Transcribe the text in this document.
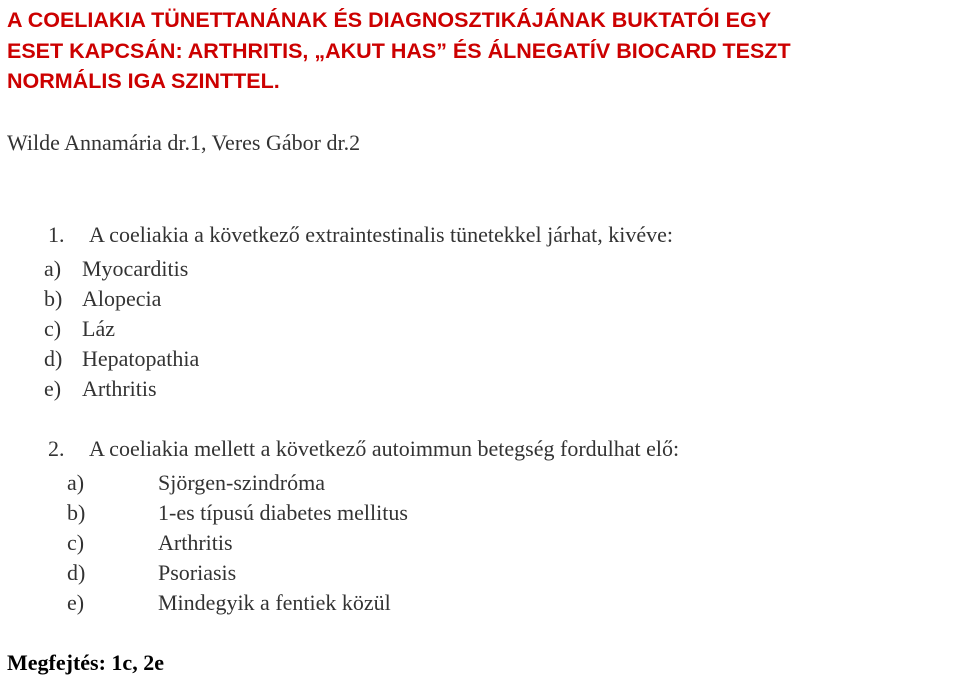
A COELIAKIA TÜNETTANÁNAK ÉS DIAGNOSZTIKÁJÁNAK BUKTATÓI EGY
ESET KAPCSÁN: ARTHRITIS, „AKUT HAS” ÉS ÁLNEGATÍV BIOCARD TESZT
NORMÁLIS IGA SZINTTEL.
Wilde Annamária dr.1, Veres Gábor dr.2
1. A coeliakia a következő extraintestinalis tünetekkel járhat, kivéve:
a) Myocarditis
b) Alopecia
c) Láz
d) Hepatopathia
e) Arthritis
2. A coeliakia mellett a következő autoimmun betegség fordulhat elő:
a)	Sjörgen-szindróma
b)	1-es típusú diabetes mellitus
c)	Arthritis
d)	Psoriasis
e)	Mindegyik a fentiek közül
Megfejtés: 1c, 2e
